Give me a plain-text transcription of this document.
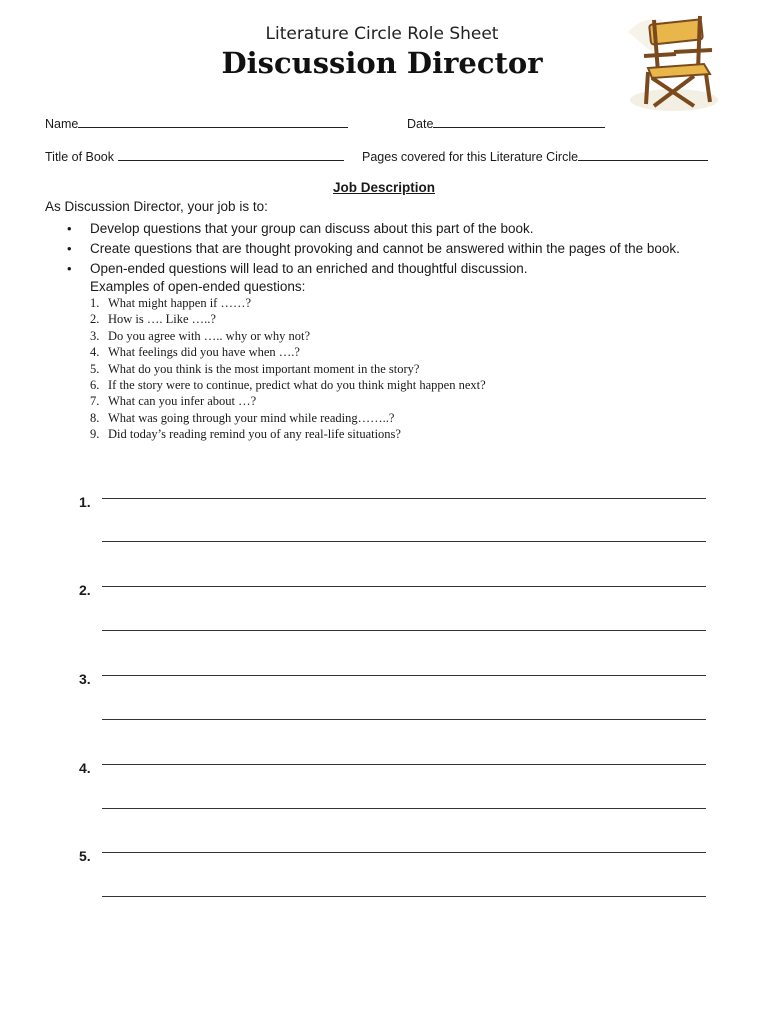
Literature Circle Role Sheet
Discussion Director
Name	Date
Title of Book	Pages covered for this Literature Circle
Job Description
As Discussion Director, your job is to:
• Develop questions that your group can discuss about this part of the book.
• Create questions that are thought provoking and cannot be answered within the pages of the book.
• Open-ended questions will lead to an enriched and thoughtful discussion.
Examples of open-ended questions:
1. What might happen if ……?
2. How is …. Like …..?
3. Do you agree with ….. why or why not?
4. What feelings did you have when ….?
5. What do you think is the most important moment in the story?
6. If the story were to continue, predict what do you think might happen next?
7. What can you infer about …?
8. What was going through your mind while reading……..?
9. Did today’s reading remind you of any real-life situations?
1.
2.
3.
4.
5.
